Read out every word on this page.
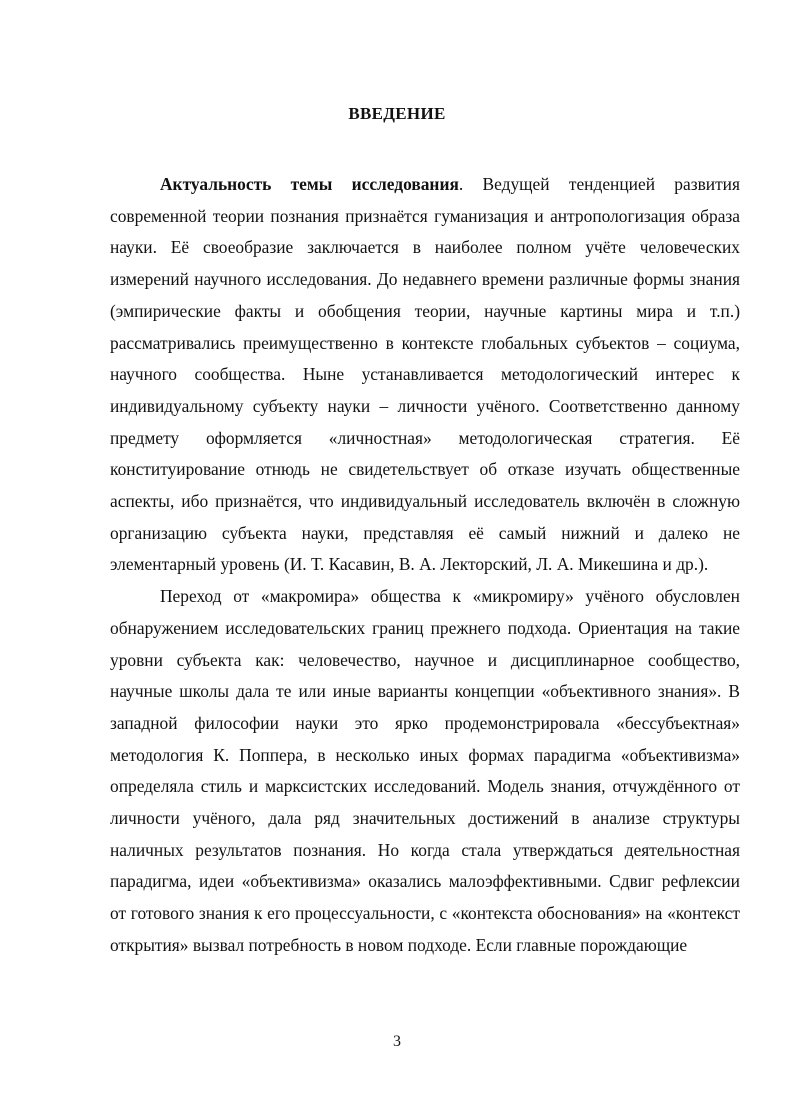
ВВЕДЕНИЕ

Актуальность темы исследования. Ведущей тенденцией развития современной теории познания признаётся гуманизация и антропологизация образа науки. Её своеобразие заключается в наиболее полном учёте человеческих измерений научного исследования. До недавнего времени различные формы знания (эмпирические факты и обобщения теории, научные картины мира и т.п.) рассматривались преимущественно в контексте глобальных субъектов – социума, научного сообщества. Ныне устанавливается методологический интерес к индивидуальному субъекту науки – личности учёного. Соответственно данному предмету оформляется «личностная» методологическая стратегия. Её конституирование отнюдь не свидетельствует об отказе изучать общественные аспекты, ибо признаётся, что индивидуальный исследователь включён в сложную организацию субъекта науки, представляя её самый нижний и далеко не элементарный уровень (И. Т. Касавин, В. А. Лекторский, Л. А. Микешина и др.).

Переход от «макромира» общества к «микромиру» учёного обусловлен обнаружением исследовательских границ прежнего подхода. Ориентация на такие уровни субъекта как: человечество, научное и дисциплинарное сообщество, научные школы дала те или иные варианты концепции «объективного знания». В западной философии науки это ярко продемонстрировала «бессубъектная» методология К. Поппера, в несколько иных формах парадигма «объективизма» определяла стиль и марксистских исследований. Модель знания, отчуждённого от личности учёного, дала ряд значительных достижений в анализе структуры наличных результатов познания. Но когда стала утверждаться деятельностная парадигма, идеи «объективизма» оказались малоэффективными. Сдвиг рефлексии от готового знания к его процессуальности, с «контекста обоснования» на «контекст открытия» вызвал потребность в новом подходе. Если главные порождающие

3
